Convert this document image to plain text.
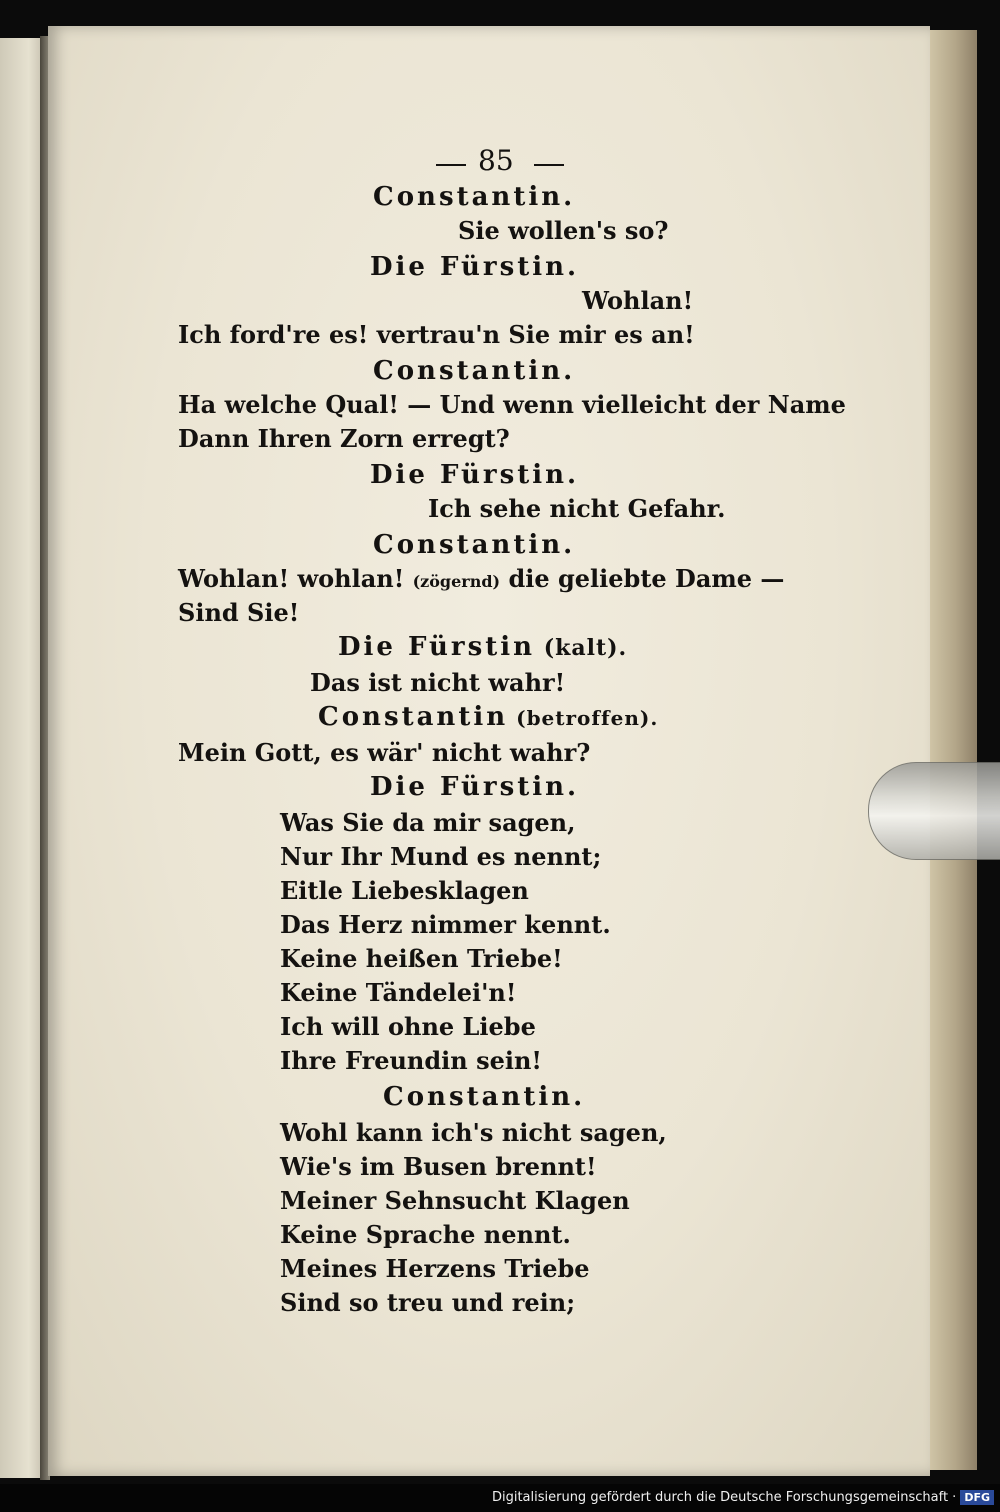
85
Constantin.
Sie wollen's so?
Die Fürstin.
Wohlan!
Ich ford're es! vertrau'n Sie mir es an!
Constantin.
Ha welche Qual! — Und wenn vielleicht der Name
Dann Ihren Zorn erregt?
Die Fürstin.
Ich sehe nicht Gefahr.
Constantin.
Wohlan! wohlan! (zögernd) die geliebte Dame —
Sind Sie!
Die Fürstin (kalt).
Das ist nicht wahr!
Constantin (betroffen).
Mein Gott, es wär' nicht wahr?
Die Fürstin.
Was Sie da mir sagen,
Nur Ihr Mund es nennt;
Eitle Liebesklagen
Das Herz nimmer kennt.
Keine heißen Triebe!
Keine Tändelei'n!
Ich will ohne Liebe
Ihre Freundin sein!
Constantin.
Wohl kann ich's nicht sagen,
Wie's im Busen brennt!
Meiner Sehnsucht Klagen
Keine Sprache nennt.
Meines Herzens Triebe
Sind so treu und rein;
Digitalisierung gefördert durch die Deutsche Forschungsgemeinschaft · DFG
